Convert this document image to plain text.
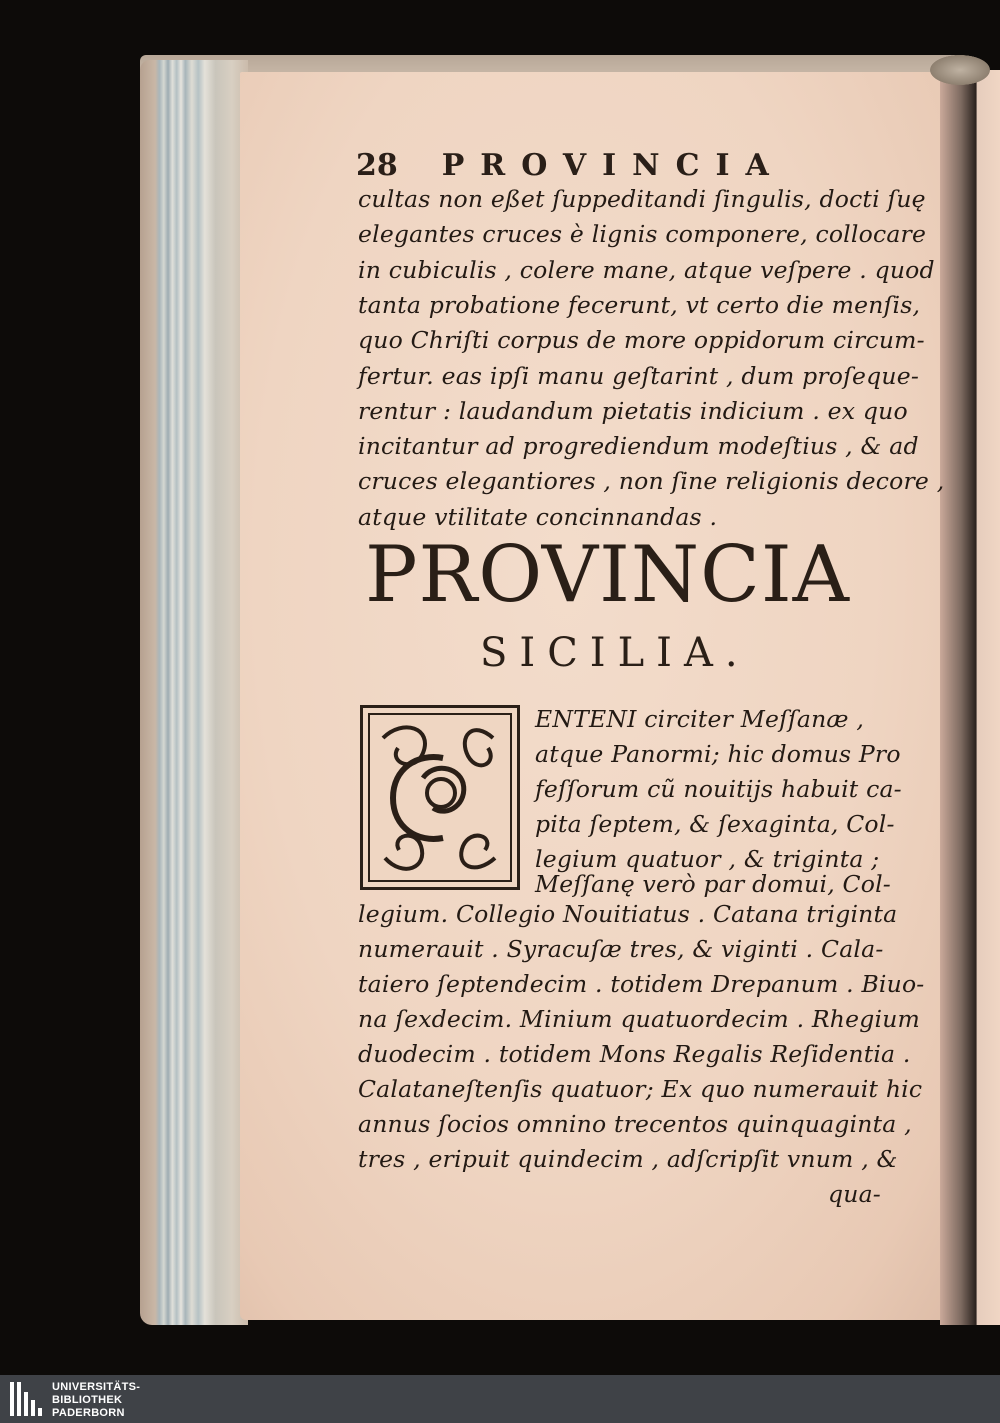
28 PROVINCIA
cultas non eßet ſuppeditandi ſingulis, docti ſuę
elegantes cruces è lignis componere, collocare
in cubiculis , colere mane, atque veſpere . quod
tanta probatione fecerunt, vt certo die menſis,
quo Chriſti corpus de more oppidorum circum-
fertur. eas ipſi manu geſtarint , dum proſeque-
rentur : laudandum pietatis indicium . ex quo
incitantur ad progrediendum modeſtius , & ad
cruces elegantiores , non ſine religionis decore ,
atque vtilitate concinnandas .
PROVINCIA
SICILIA.
ENTENI circiter Meſſanæ ,
atque Panormi; hic domus Pro
feſſorum cũ nouitijs habuit ca-
pita ſeptem, & ſexaginta, Col-
legium quatuor , & triginta ;
Meſſanę verò par domui, Col-
legium. Collegio Nouitiatus . Catana triginta
numerauit . Syracuſæ tres, & viginti . Cala-
taiero ſeptendecim . totidem Drepanum . Biuo-
na ſexdecim. Minium quatuordecim . Rhegium
duodecim . totidem Mons Regalis Reſidentia .
Calataneſtenſis quatuor; Ex quo numerauit hic
annus ſocios omnino trecentos quinquaginta ,
tres , eripuit quindecim , adſcripſit vnum , &
qua-
UNIVERSITÄTS-
BIBLIOTHEK
PADERBORN
